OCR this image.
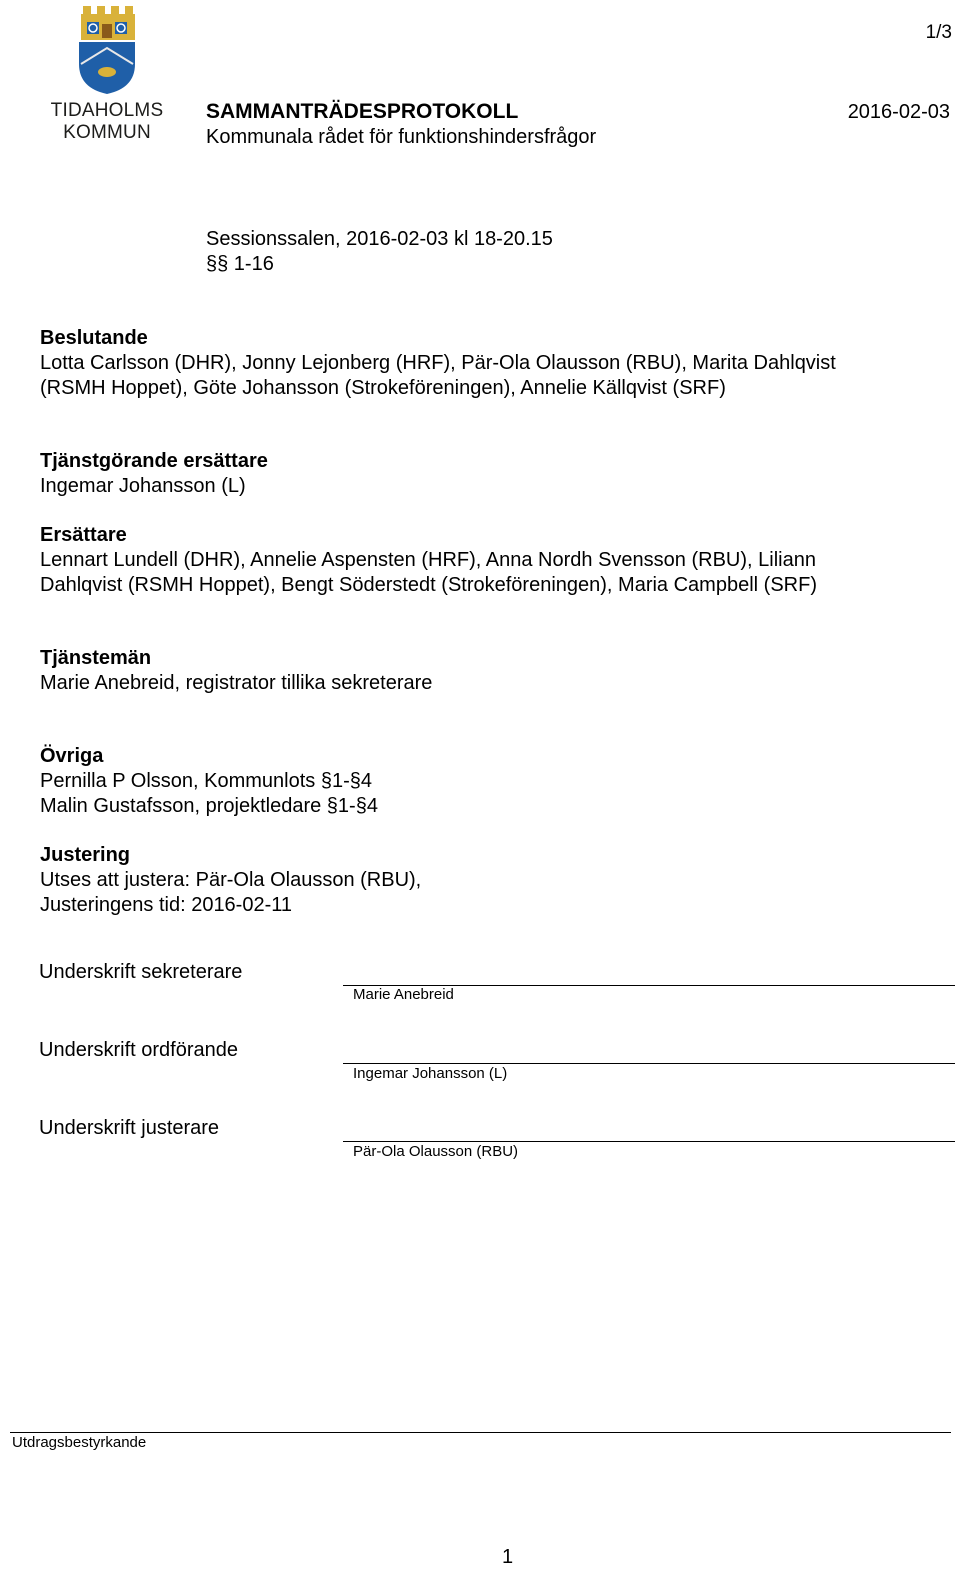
1/3
TIDAHOLMS
KOMMUN
SAMMANTRÄDESPROTOKOLL	2016-02-03
Kommunala rådet för funktionshindersfrågor
Sessionssalen, 2016-02-03 kl 18-20.15
§§ 1-16
Beslutande
Lotta Carlsson (DHR), Jonny Lejonberg (HRF), Pär-Ola Olausson (RBU), Marita Dahlqvist
(RSMH Hoppet), Göte Johansson (Strokeföreningen), Annelie Källqvist (SRF)
Tjänstgörande ersättare
Ingemar Johansson (L)
Ersättare
Lennart Lundell (DHR), Annelie Aspensten (HRF), Anna Nordh Svensson (RBU), Liliann
Dahlqvist (RSMH Hoppet), Bengt Söderstedt (Strokeföreningen), Maria Campbell (SRF)
Tjänstemän
Marie Anebreid, registrator tillika sekreterare
Övriga
Pernilla P Olsson, Kommunlots §1-§4
Malin Gustafsson, projektledare §1-§4
Justering
Utses att justera: Pär-Ola Olausson (RBU),
Justeringens tid: 2016-02-11
Underskrift sekreterare
Marie Anebreid
Underskrift ordförande
Ingemar Johansson (L)
Underskrift justerare
Pär-Ola Olausson (RBU)
Utdragsbestyrkande
1
